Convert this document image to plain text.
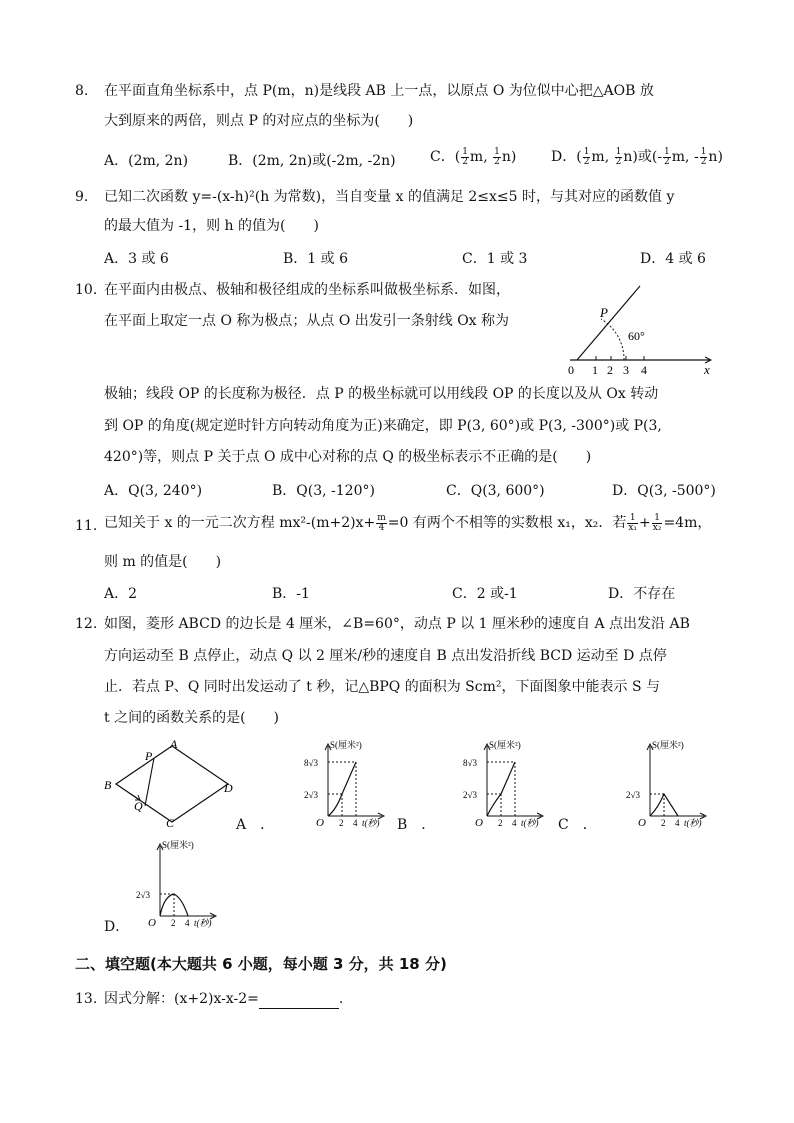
8. 在平面直角坐标系中，点 P(m，n)是线段 AB 上一点，以原点 O 为位似中心把△AOB 放
大到原来的两倍，则点 P 的对应点的坐标为(　　)
A．(2m, 2n)	B．(2m, 2n)或(-2m, -2n) C．( $\frac{1}{2} m$, $\frac{1}{2} n$) D．( $\frac{1}{2} m$, $\frac{1}{2} n$)或(- $\frac{1}{2} m$, - $\frac{1}{2} n$)
9. 已知二次函数 y=-(x-h)²(h 为常数)，当自变量 x 的值满足 2≤x≤5 时，与其对应的函数值 y
的最大值为 -1，则 h 的值为(　　)
A．3 或 6	B．1 或 6	C．1 或 3	D．4 或 6
10. 在平面内由极点、极轴和极径组成的坐标系叫做极坐标系．如图，
在平面上取定一点 O 称为极点；从点 O 出发引一条射线 Ox 称为
P
60°
x
0 1 2 3 4
极轴；线段 OP 的长度称为极径．点 P 的极坐标就可以用线段 OP 的长度以及从 Ox 转动
到 OP 的角度(规定逆时针方向转动角度为正)来确定，即 P(3, 60°)或 P(3, -300°)或 P(3,
420°)等，则点 P 关于点 O 成中心对称的点 Q 的极坐标表示不正确的是(　　)
A．Q(3, 240°)	B．Q(3, -120°)	C．Q(3, 600°)	D．Q(3, -500°)
11. 已知关于 x 的一元二次方程 $mx^2-(m+2)x+ \frac{m}{4} =0$ 有两个不相等的实数根 x₁，x₂．若 $\frac{1}{\text{x₁}} + \frac{1}{\text{x₂}} =4m$，
则 m 的值是(　　)
A．2	B．-1	C．2 或-1	D．不存在
12. 如图，菱形 ABCD 的边长是 4 厘米，∠B=60°，动点 P 以 1 厘米秒的速度自 A 点出发沿 AB
方向运动至 B 点停止，动点 Q 以 2 厘米/秒的速度自 B 点出发沿折线 BCD 运动至 D 点停
止．若点 P、Q 同时出发运动了 t 秒，记△BPQ 的面积为 Scm²，下面图象中能表示 S 与
t 之间的函数关系的是(　　)
A
B
C
D
P
Q
S(厘米²)
8√3
2√3
O 2 4 t(秒)
A　．
S(厘米²)
8√3
2√3
O 2 4 t(秒)
B　．
S(厘米²)
2√3
O 2 4 t(秒)
C　．
S(厘米²)
2√3
O 2 4 t(秒)
D．
二、填空题(本大题共 6 小题，每小题 3 分，共 18 分)
13. 因式分解：(x+2)x-x-2=	.
